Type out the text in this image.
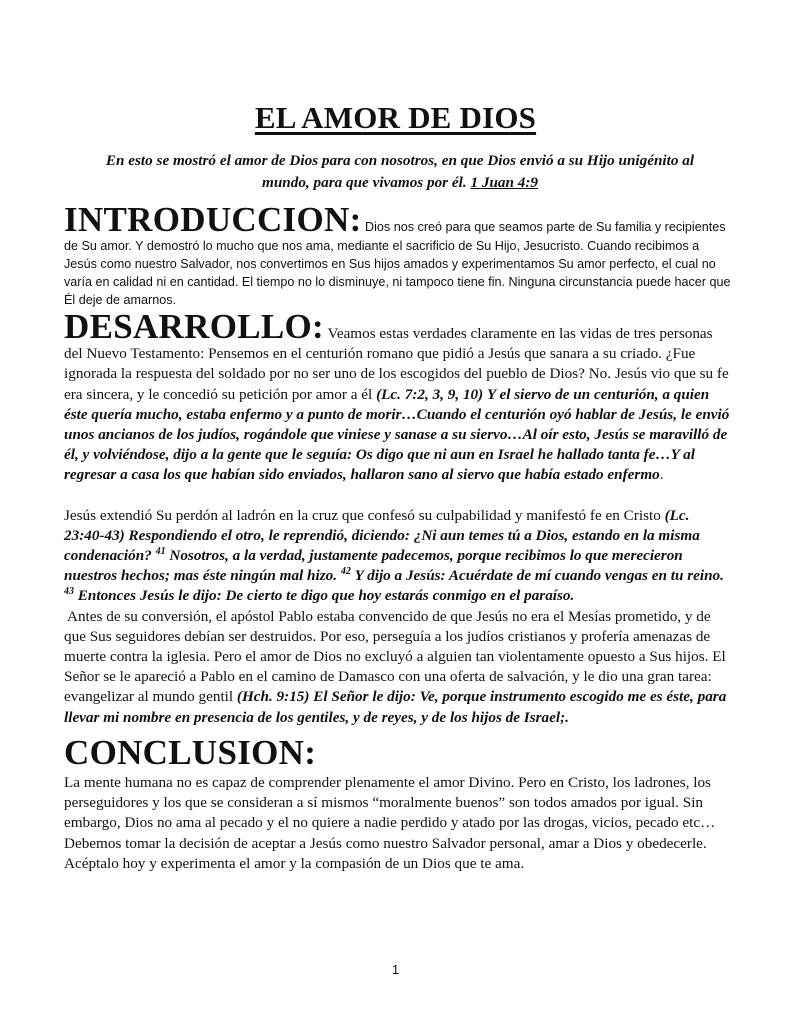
EL AMOR DE DIOS
En esto se mostró el amor de Dios para con nosotros, en que Dios envió a su Hijo unigénito al mundo, para que vivamos por él. 1 Juan 4:9

INTRODUCCION: Dios nos creó para que seamos parte de Su familia y recipientes de Su amor. Y demostró lo mucho que nos ama, mediante el sacrificio de Su Hijo, Jesucristo. Cuando recibimos a Jesús como nuestro Salvador, nos convertimos en Sus hijos amados y experimentamos Su amor perfecto, el cual no varía en calidad ni en cantidad. El tiempo no lo disminuye, ni tampoco tiene fin. Ninguna circunstancia puede hacer que Él deje de amarnos.

DESARROLLO: Veamos estas verdades claramente en las vidas de tres personas del Nuevo Testamento: Pensemos en el centurión romano que pidió a Jesús que sanara a su criado. ¿Fue ignorada la respuesta del soldado por no ser uno de los escogidos del pueblo de Dios? No. Jesús vio que su fe era sincera, y le concedió su petición por amor a él (Lc. 7:2, 3, 9, 10) Y el siervo de un centurión, a quien éste quería mucho, estaba enfermo y a punto de morir…Cuando el centurión oyó hablar de Jesús, le envió unos ancianos de los judíos, rogándole que viniese y sanase a su siervo…Al oír esto, Jesús se maravilló de él, y volviéndose, dijo a la gente que le seguía: Os digo que ni aun en Israel he hallado tanta fe…Y al regresar a casa los que habían sido enviados, hallaron sano al siervo que había estado enfermo.

Jesús extendió Su perdón al ladrón en la cruz que confesó su culpabilidad y manifestó fe en Cristo (Lc. 23:40-43) Respondiendo el otro, le reprendió, diciendo: ¿Ni aun temes tú a Dios, estando en la misma condenación? $^{41}$ Nosotros, a la verdad, justamente padecemos, porque recibimos lo que merecieron nuestros hechos; mas éste ningún mal hizo. $^{42}$ Y dijo a Jesús: Acuérdate de mí cuando vengas en tu reino. $^{43}$ Entonces Jesús le dijo: De cierto te digo que hoy estarás conmigo en el paraíso.

Antes de su conversión, el apóstol Pablo estaba convencido de que Jesús no era el Mesías prometido, y de que Sus seguidores debían ser destruidos. Por eso, perseguía a los judíos cristianos y profería amenazas de muerte contra la iglesia. Pero el amor de Dios no excluyó a alguien tan violentamente opuesto a Sus hijos. El Señor se le apareció a Pablo en el camino de Damasco con una oferta de salvación, y le dio una gran tarea: evangelizar al mundo gentil (Hch. 9:15) El Señor le dijo: Ve, porque instrumento escogido me es éste, para llevar mi nombre en presencia de los gentiles, y de reyes, y de los hijos de Israel;.

CONCLUSION:

La mente humana no es capaz de comprender plenamente el amor Divino. Pero en Cristo, los ladrones, los perseguidores y los que se consideran a sí mismos “moralmente buenos” son todos amados por igual. Sin embargo, Dios no ama al pecado y el no quiere a nadie perdido y atado por las drogas, vicios, pecado etc… Debemos tomar la decisión de aceptar a Jesús como nuestro Salvador personal, amar a Dios y obedecerle. Acéptalo hoy y experimenta el amor y la compasión de un Dios que te ama.

1
